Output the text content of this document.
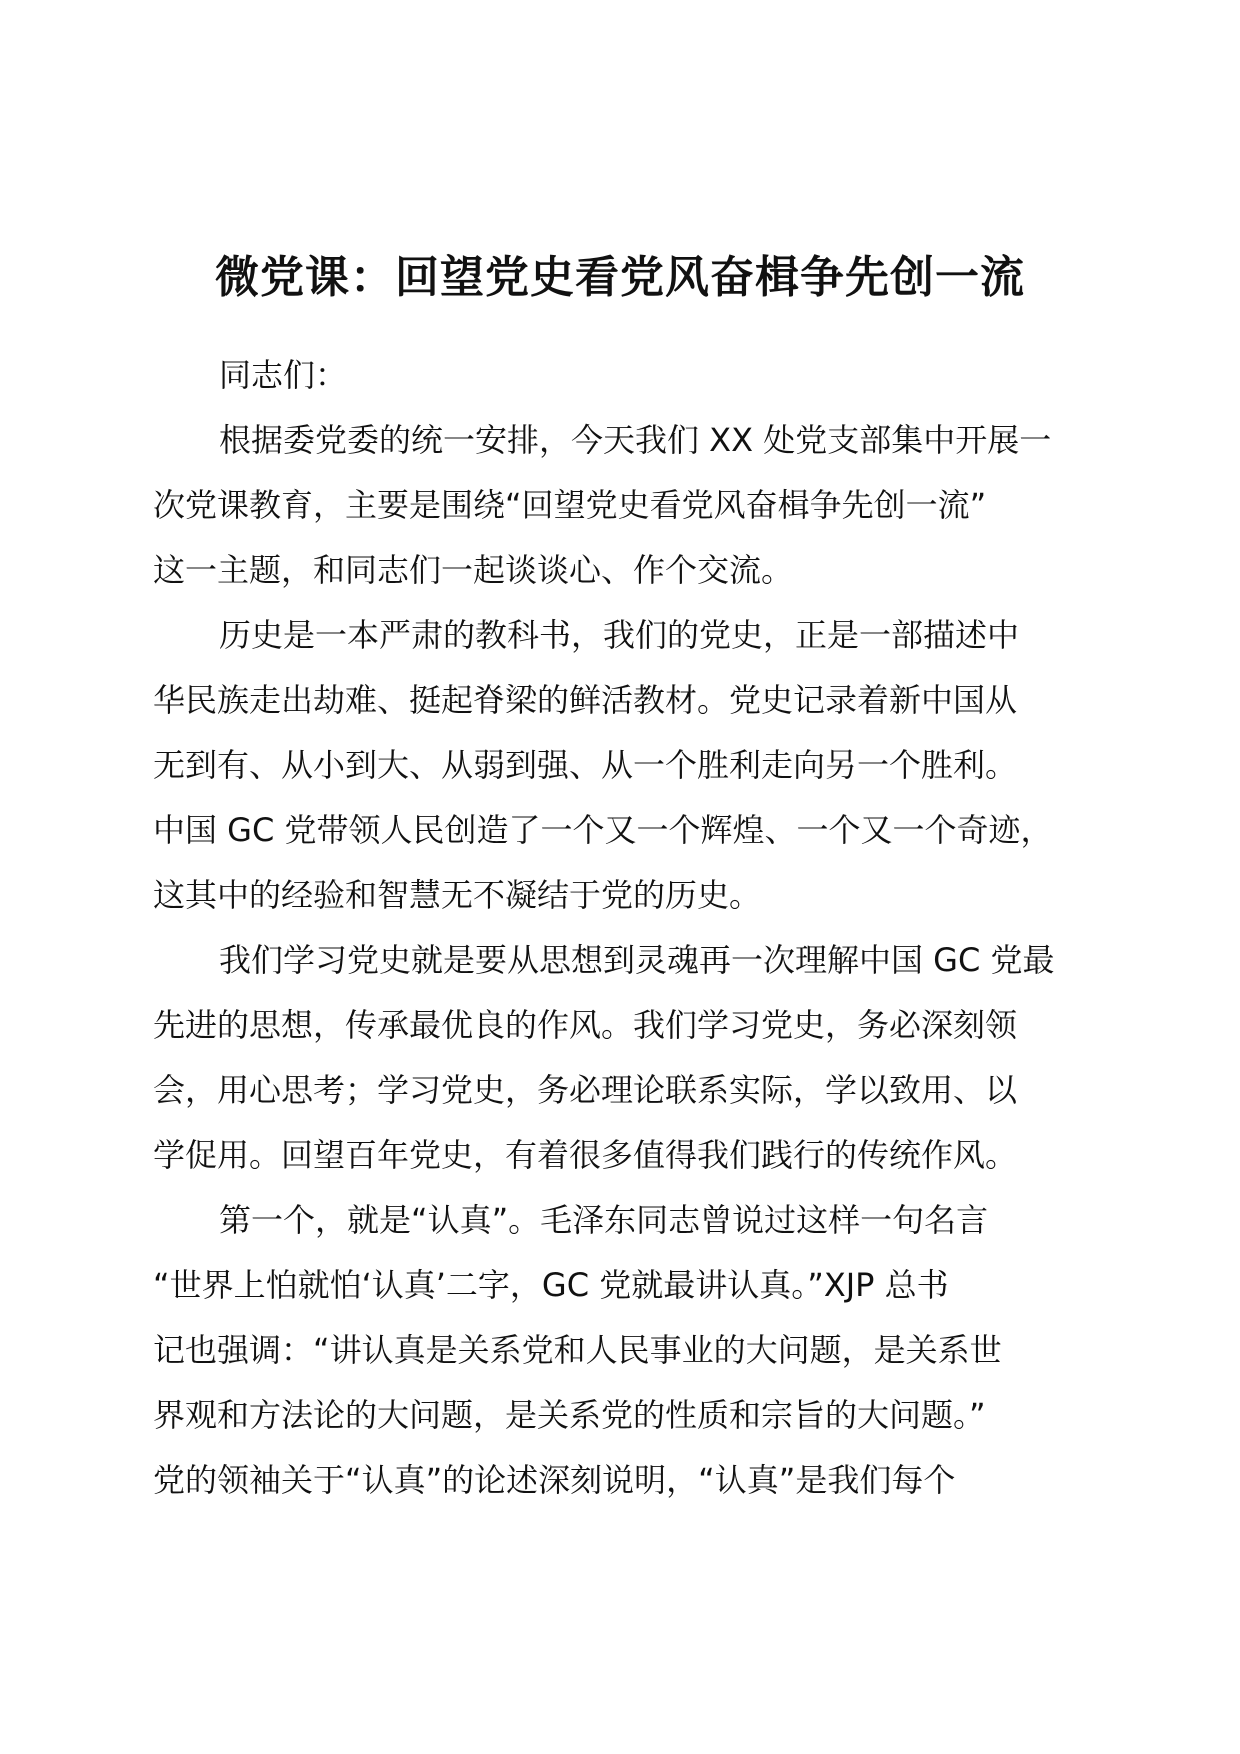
微党课：回望党史看党风奋楫争先创一流
同志们：
根据委党委的统一安排，今天我们 XX 处党支部集中开展一
次党课教育，主要是围绕“回望党史看党风奋楫争先创一流”
这一主题，和同志们一起谈谈心、作个交流。
历史是一本严肃的教科书，我们的党史，正是一部描述中
华民族走出劫难、挺起脊梁的鲜活教材。党史记录着新中国从
无到有、从小到大、从弱到强、从一个胜利走向另一个胜利。
中国 GC 党带领人民创造了一个又一个辉煌、一个又一个奇迹，
这其中的经验和智慧无不凝结于党的历史。
我们学习党史就是要从思想到灵魂再一次理解中国 GC 党最
先进的思想，传承最优良的作风。我们学习党史，务必深刻领
会，用心思考；学习党史，务必理论联系实际，学以致用、以
学促用。回望百年党史，有着很多值得我们践行的传统作风。
第一个，就是“认真”。毛泽东同志曾说过这样一句名言
“世界上怕就怕‘认真’二字，GC 党就最讲认真。”XJP 总书
记也强调：“讲认真是关系党和人民事业的大问题，是关系世
界观和方法论的大问题，是关系党的性质和宗旨的大问题。”
党的领袖关于“认真”的论述深刻说明，“认真”是我们每个
